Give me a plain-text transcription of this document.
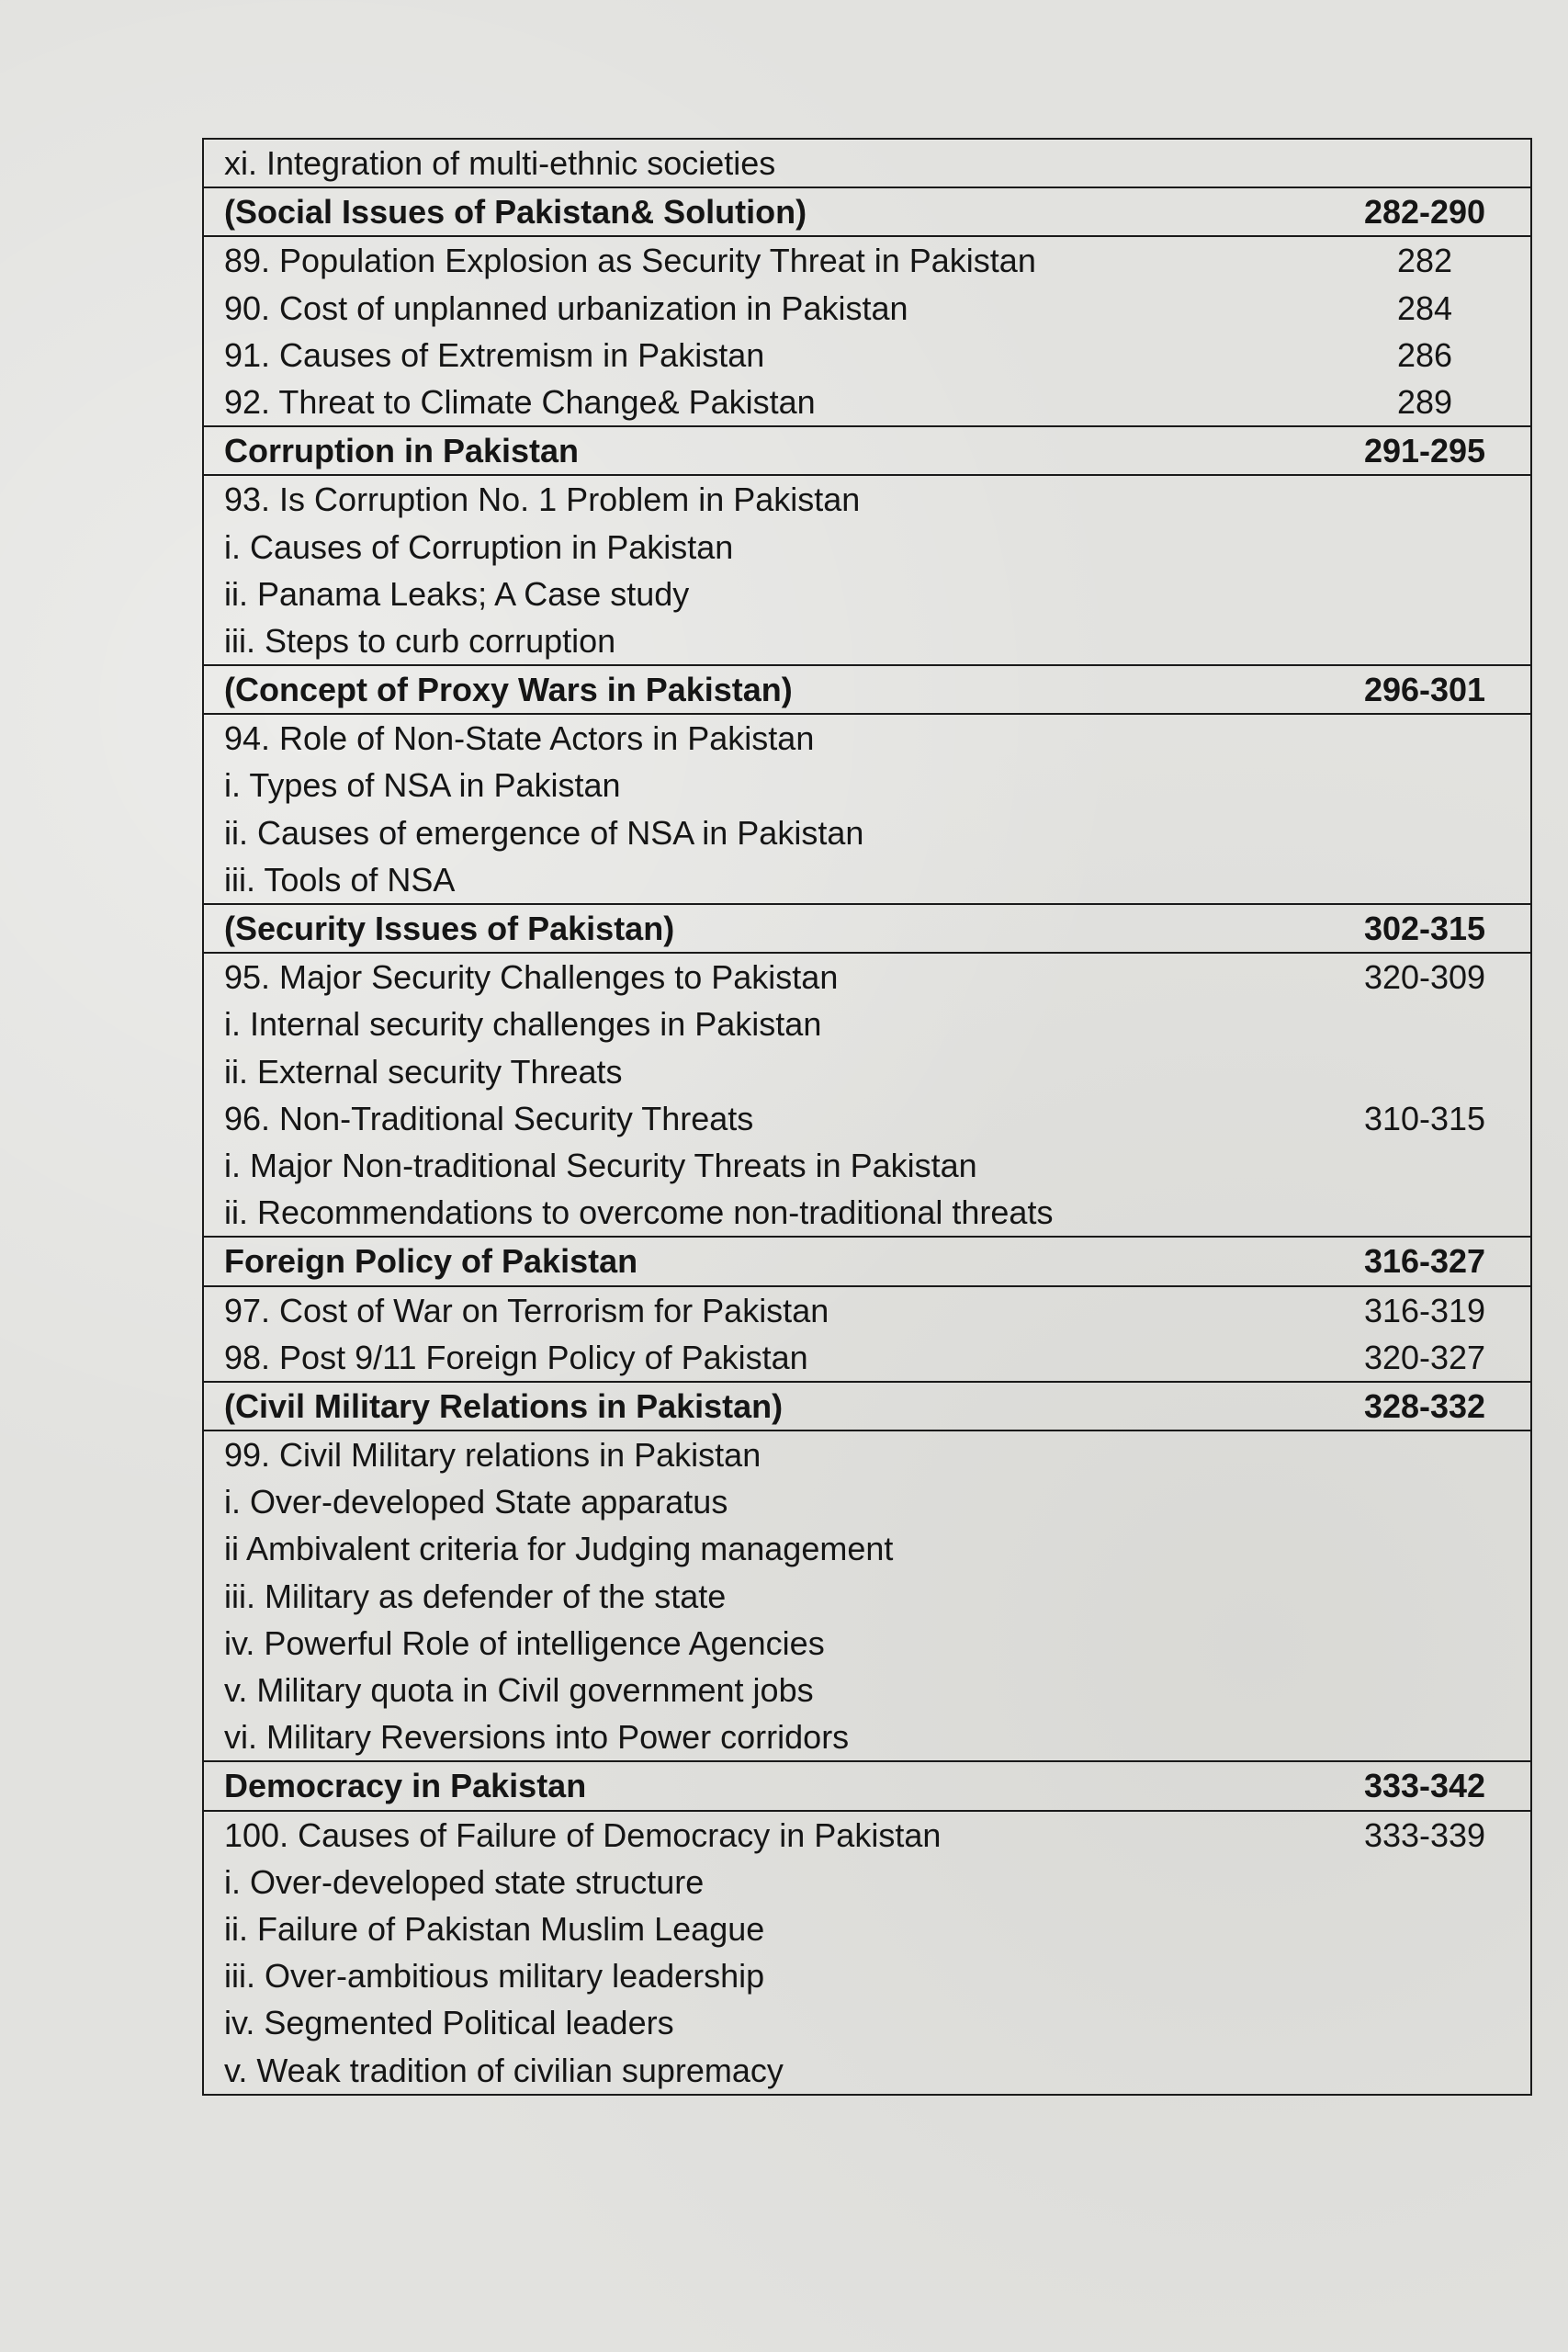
xi. Integration of multi-ethnic societies
(Social Issues of Pakistan& Solution)	282-290
89. Population Explosion as Security Threat in Pakistan	282
90. Cost of unplanned urbanization in Pakistan	284
91. Causes of Extremism in Pakistan	286
92. Threat to Climate Change& Pakistan	289
Corruption in Pakistan	291-295
93. Is Corruption No. 1 Problem in Pakistan
i. Causes of Corruption in Pakistan
ii. Panama Leaks; A Case study
iii. Steps to curb corruption
(Concept of Proxy Wars in Pakistan)	296-301
94. Role of Non-State Actors in Pakistan
i. Types of NSA in Pakistan
ii. Causes of emergence of NSA in Pakistan
iii. Tools of NSA
(Security Issues of Pakistan)	302-315
95. Major Security Challenges to Pakistan	320-309
i. Internal security challenges in Pakistan
ii. External security Threats
96. Non-Traditional Security Threats	310-315
i. Major Non-traditional Security Threats in Pakistan
ii. Recommendations to overcome non-traditional threats
Foreign Policy of Pakistan	316-327
97. Cost of War on Terrorism for Pakistan	316-319
98. Post 9/11 Foreign Policy of Pakistan	320-327
(Civil Military Relations in Pakistan)	328-332
99. Civil Military relations in Pakistan
i. Over-developed State apparatus
ii Ambivalent criteria for Judging management
iii. Military as defender of the state
iv. Powerful Role of intelligence Agencies
v. Military quota in Civil government jobs
vi. Military Reversions into Power corridors
Democracy in Pakistan	333-342
100. Causes of Failure of Democracy in Pakistan	333-339
i. Over-developed state structure
ii. Failure of Pakistan Muslim League
iii. Over-ambitious military leadership
iv. Segmented Political leaders
v. Weak tradition of civilian supremacy
